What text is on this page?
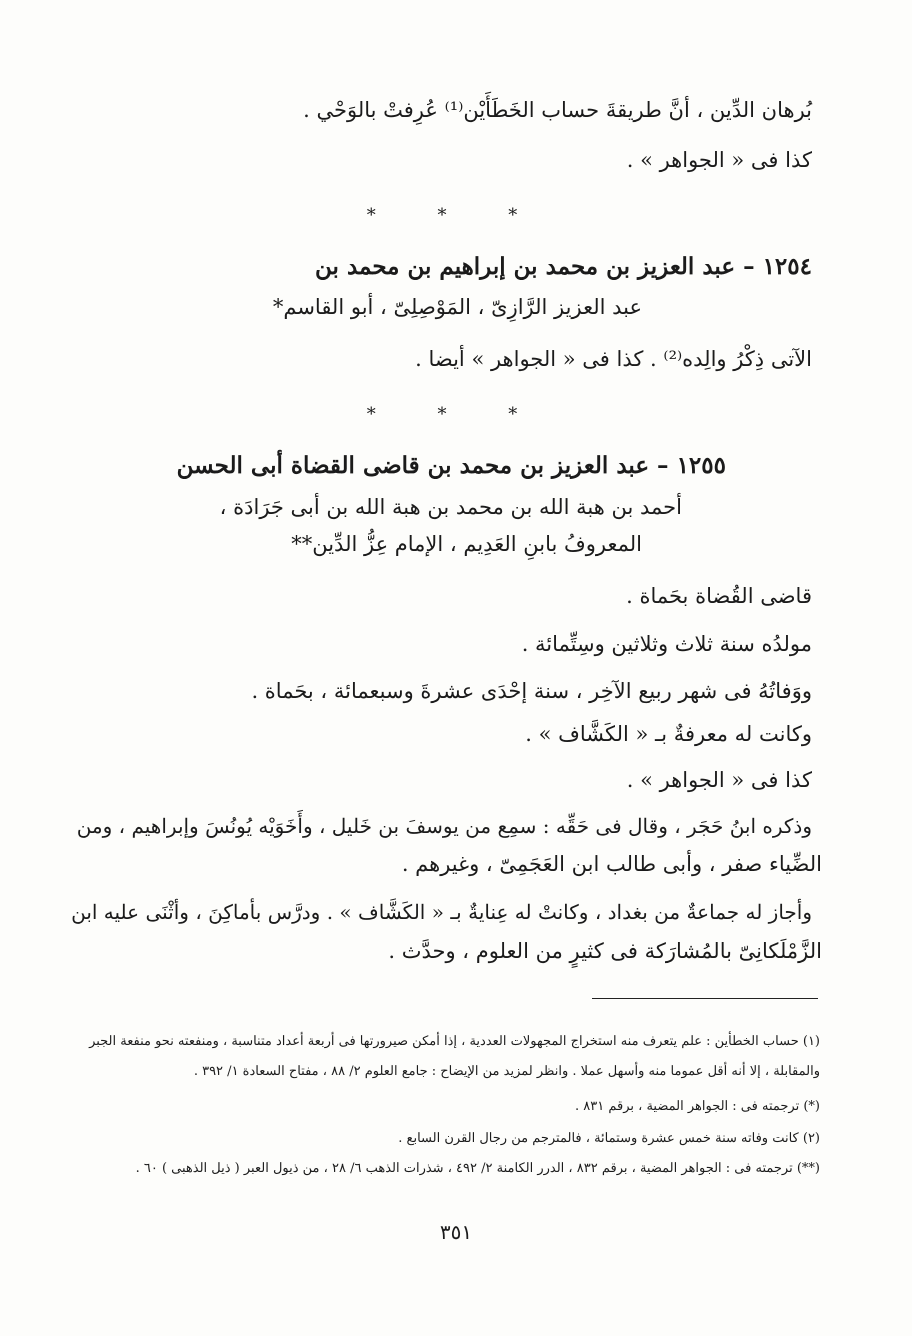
بُرهان الدِّين ، أنَّ طريقةَ حساب الخَطَأَيْن⁽¹⁾ عُرِفتْ بالوَحْي .
كذا فى « الجواهر » .
* * *
١٢٥٤ – عبد العزيز بن محمد بن إبراهيم بن محمد بن
عبد العزيز الرَّازِىّ ، المَوْصِلِىّ ، أبو القاسم*
الآتى ذِكْرُ والِده⁽²⁾ . كذا فى « الجواهر » أيضا .
* * *
١٢٥٥ – عبد العزيز بن محمد بن قاضى القضاة أبى الحسن
أحمد بن هبة الله بن محمد بن هبة الله بن أبى جَرَادَة ،
المعروفُ بابنِ العَدِيم ، الإمام عِزُّ الدِّين**
قاضى القُضاة بحَماة .
مولدُه سنة ثلاث وثلاثين وسِتِّمائة .
ووَفاتُهُ فى شهر ربيع الآخِر ، سنة إحْدَى عشرةَ وسبعمائة ، بحَماة .
وكانت له معرفةٌ بـ « الكَشَّاف » .
كذا فى « الجواهر » .
وذكره ابنُ حَجَر ، وقال فى حَقِّه : سمِع من يوسفَ بن خَليل ، وأَخَوَيْه يُونُسَ وإبراهيم ، ومن
الضِّياء صفر ، وأبى طالب ابن العَجَمِىّ ، وغيرهم .
وأجاز له جماعةٌ من بغداد ، وكانتْ له عِنايةٌ بـ « الكَشَّاف » . ودرَّس بأماكِنَ ، وأثْنَى عليه ابن
الزَّمْلَكانِىّ بالمُشارَكة فى كثيرٍ من العلوم ، وحدَّث .
(١) حساب الخطأين : علم يتعرف منه استخراج المجهولات العددية ، إذا أمكن صيرورتها فى أربعة أعداد متناسبة ، ومنفعته نحو منفعة الجبر
والمقابلة ، إلا أنه أقل عموما منه وأسهل عملا . وانظر لمزيد من الإيضاح : جامع العلوم ٢/ ٨٨ ، مفتاح السعادة ١/ ٣٩٢ .
(*) ترجمته فى : الجواهر المضية ، برقم ٨٣١ .
(٢) كانت وفاته سنة خمس عشرة وستمائة ، فالمترجم من رجال القرن السابع .
(**) ترجمته فى : الجواهر المضية ، برقم ٨٣٢ ، الدرر الكامنة ٢/ ٤٩٢ ، شذرات الذهب ٦/ ٢٨ ، من ذيول العبر ( ذيل الذهبى ) ٦٠ .
٣٥١
